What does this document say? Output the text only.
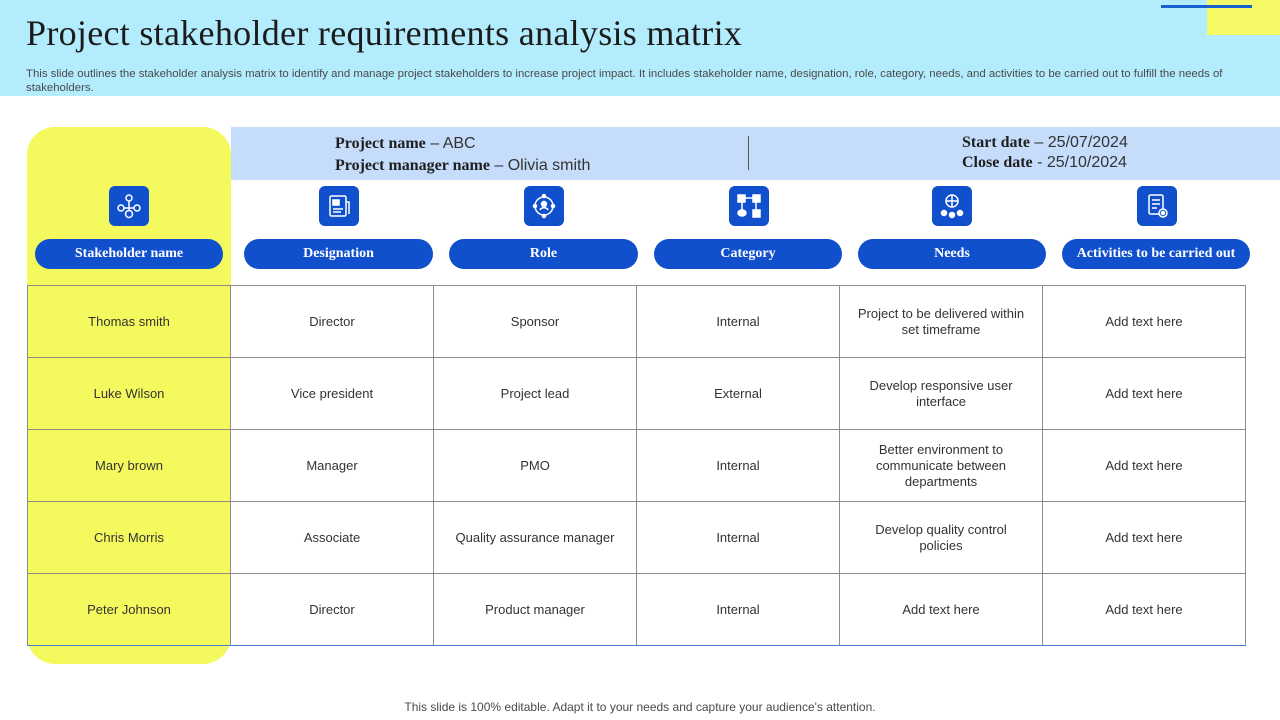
Project stakeholder requirements analysis matrix

This slide outlines the stakeholder analysis matrix to identify and manage project stakeholders to increase project impact. It includes stakeholder name, designation, role, category, needs, and activities to be carried out to fulfill the needs of stakeholders.

Project name – ABC
Project manager name – Olivia smith
Start date – 25/07/2024
Close date - 25/10/2024
Stakeholder name	Designation	Role	Category	Needs	Activities to be carried out
Thomas smith	Director	Sponsor	Internal	Project to be delivered within set timeframe	Add text here
Luke Wilson	Vice president	Project lead	External	Develop responsive user interface	Add text here
Mary brown	Manager	PMO	Internal	Better environment to communicate between departments	Add text here
Chris Morris	Associate	Quality assurance manager	Internal	Develop quality control policies	Add text here
Peter Johnson	Director	Product manager	Internal	Add text here	Add text here
This slide is 100% editable. Adapt it to your needs and capture your audience's attention.
